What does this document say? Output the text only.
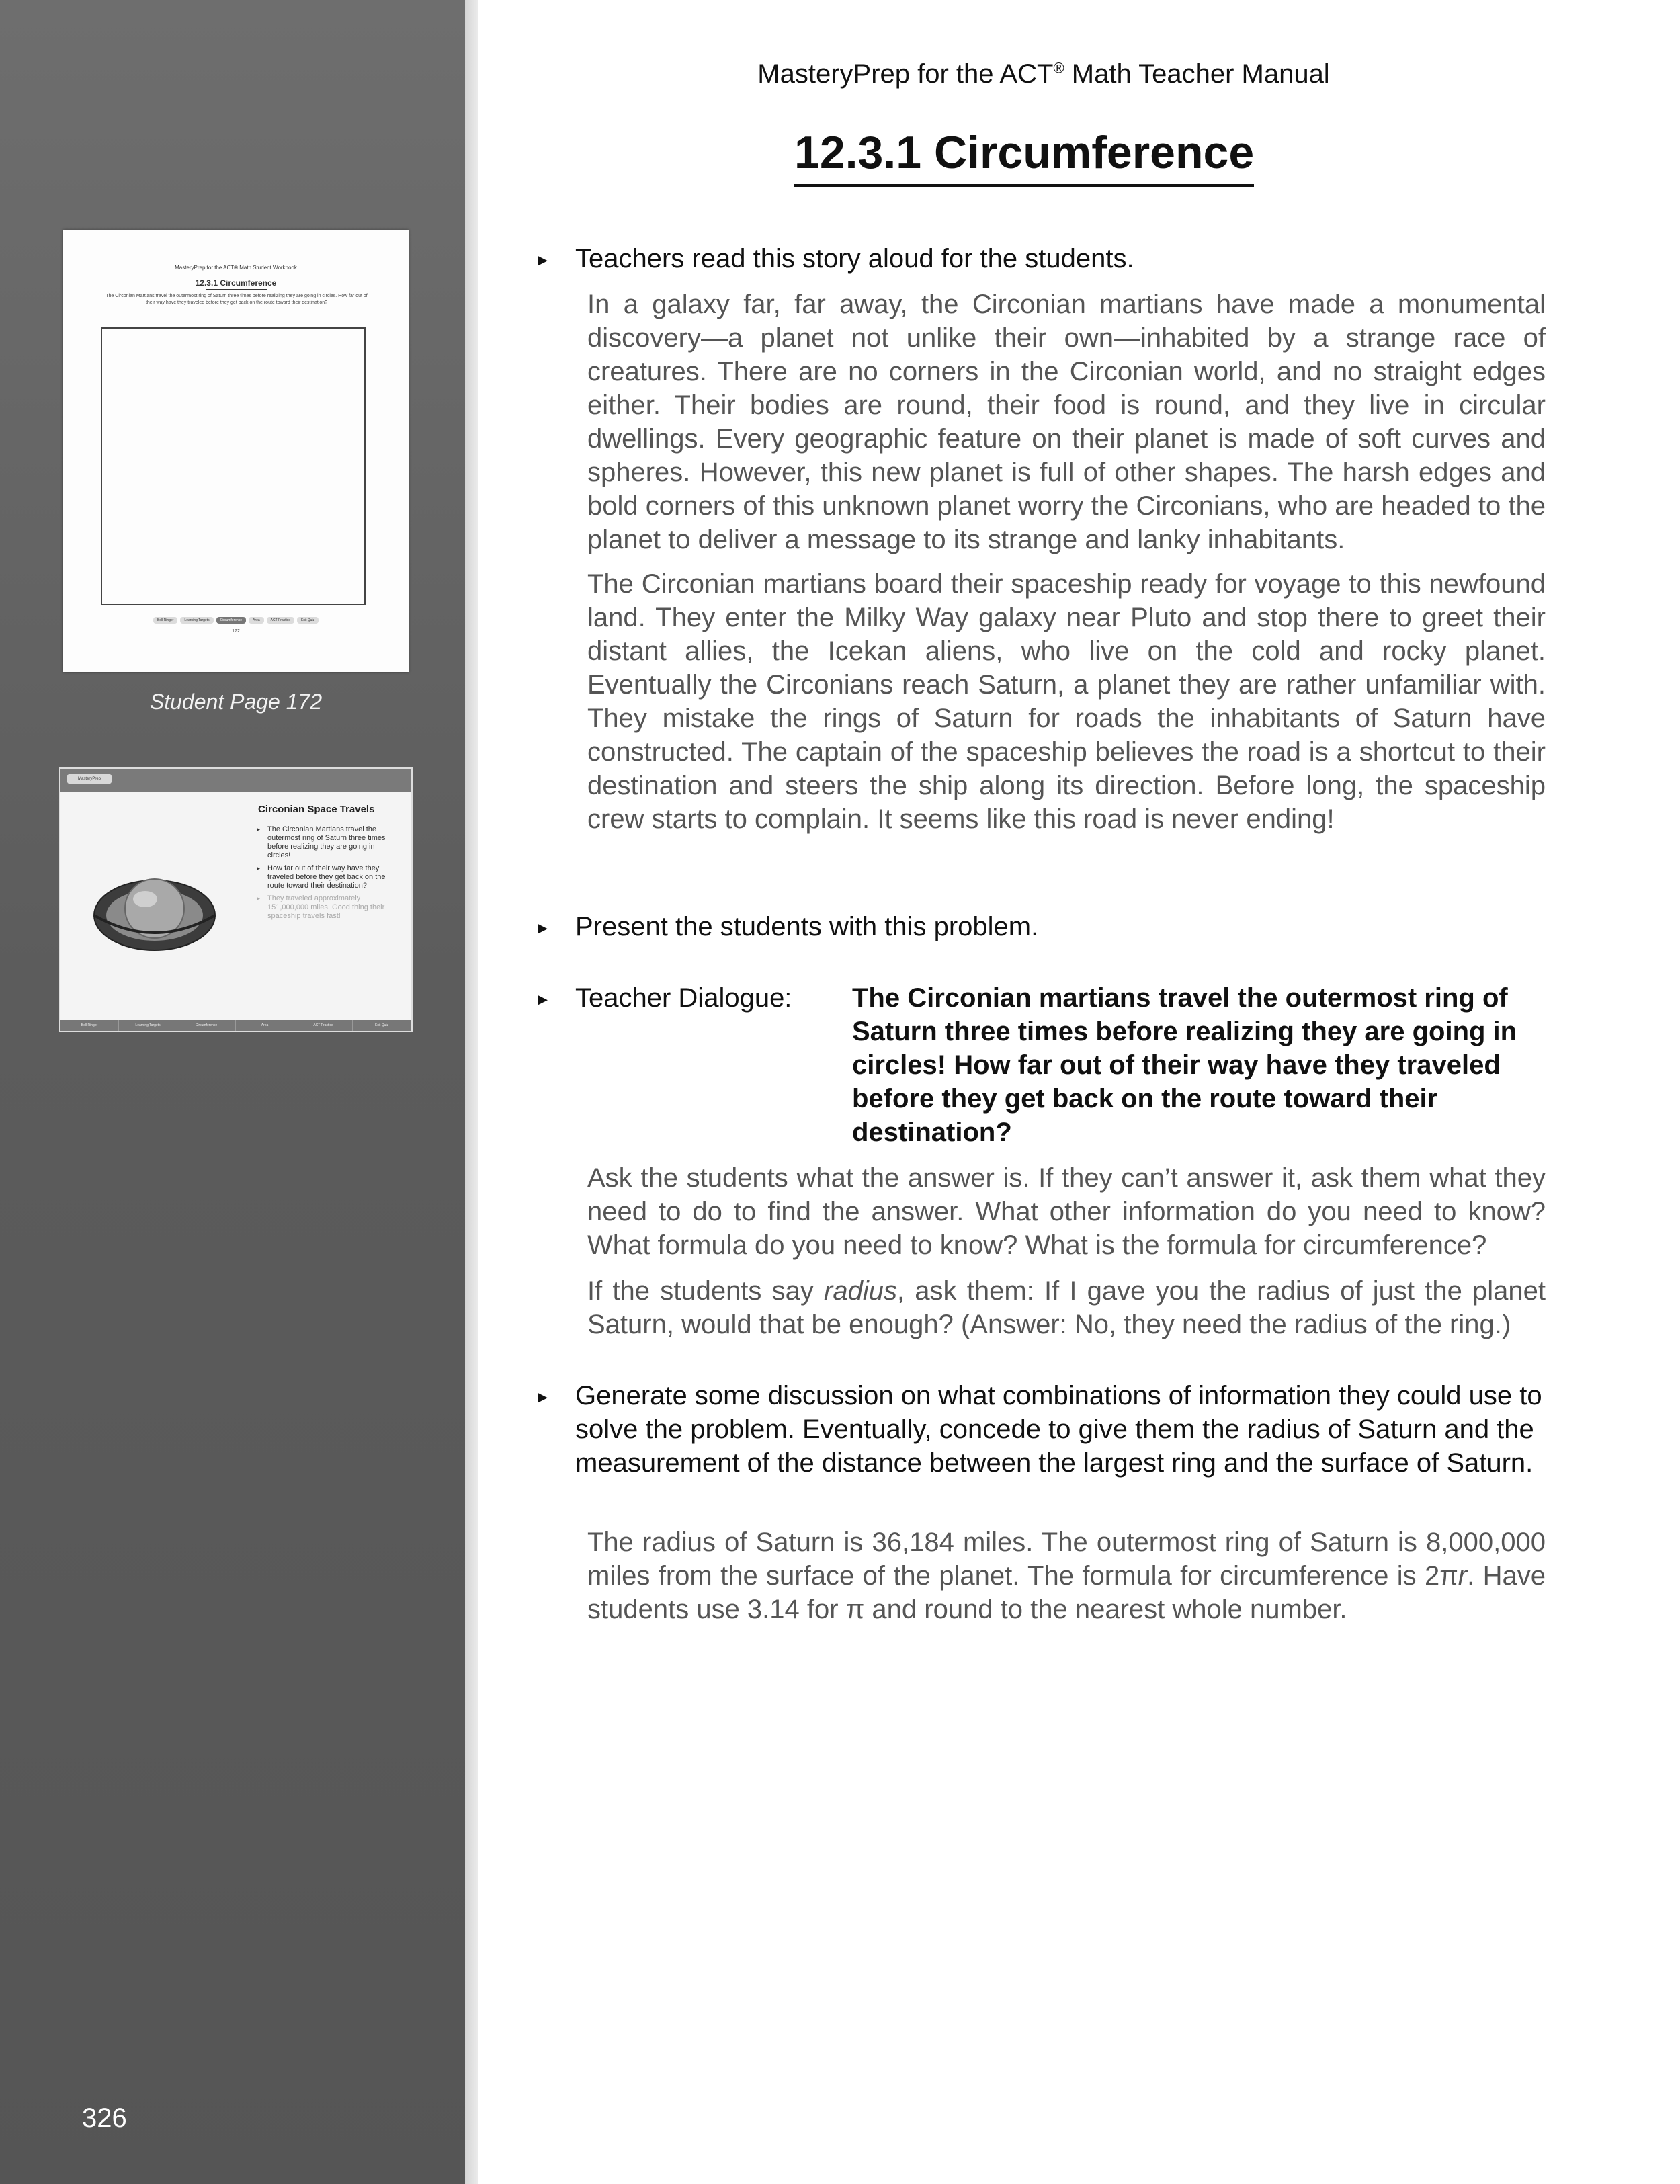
MasteryPrep for the ACT® Math Student Workbook
12.3.1 Circumference
The Circonian Martians travel the outermost ring of Saturn three times before realizing they are going in circles. How far out of their way have they traveled before they get back on the route toward their destination?
Bell Ringer	Learning Targets	Circumference	Area	ACT Practice	Exit Quiz
172
Student Page 172
MasteryPrep
Circonian Space Travels
▸ The Circonian Martians travel the outermost ring of Saturn three times before realizing they are going in circles!
▸ How far out of their way have they traveled before they get back on the route toward their destination?
▸ They traveled approximately 151,000,000 miles. Good thing their spaceship travels fast!
Bell Ringer	Learning Targets	Circumference	Area	ACT Practice	Exit Quiz
326
MasteryPrep for the ACT® Math Teacher Manual
12.3.1 Circumference
▸ Teachers read this story aloud for the students.

In a galaxy far, far away, the Circonian martians have made a monumental discovery—a planet not unlike their own—inhabited by a strange race of creatures. There are no corners in the Circonian world, and no straight edges either. Their bodies are round, their food is round, and they live in circular dwellings. Every geographic feature on their planet is made of soft curves and spheres. However, this new planet is full of other shapes. The harsh edges and bold corners of this unknown planet worry the Circonians, who are headed to the planet to deliver a message to its strange and lanky inhabitants.

The Circonian martians board their spaceship ready for voyage to this newfound land. They enter the Milky Way galaxy near Pluto and stop there to greet their distant allies, the Icekan aliens, who live on the cold and rocky planet. Eventually the Circonians reach Saturn, a planet they are rather unfamiliar with. They mistake the rings of Saturn for roads the inhabitants of Saturn have constructed. The captain of the spaceship believes the road is a shortcut to their destination and steers the ship along its direction. Before long, the spaceship crew starts to complain. It seems like this road is never ending!

▸ Present the students with this problem.
▸ Teacher Dialogue: The Circonian martians travel the outermost ring of Saturn three times before realizing they are going in circles! How far out of their way have they traveled before they get back on the route toward their destination?

Ask the students what the answer is. If they can’t answer it, ask them what they need to do to find the answer. What other information do you need to know? What formula do you need to know? What is the formula for circumference?

If the students say radius, ask them: If I gave you the radius of just the planet Saturn, would that be enough? (Answer: No, they need the radius of the ring.)

▸ Generate some discussion on what combinations of information they could use to solve the problem. Eventually, concede to give them the radius of Saturn and the measurement of the distance between the largest ring and the surface of Saturn.

The radius of Saturn is 36,184 miles. The outermost ring of Saturn is 8,000,000 miles from the surface of the planet. The formula for circumference is 2πr. Have students use 3.14 for π and round to the nearest whole number.
